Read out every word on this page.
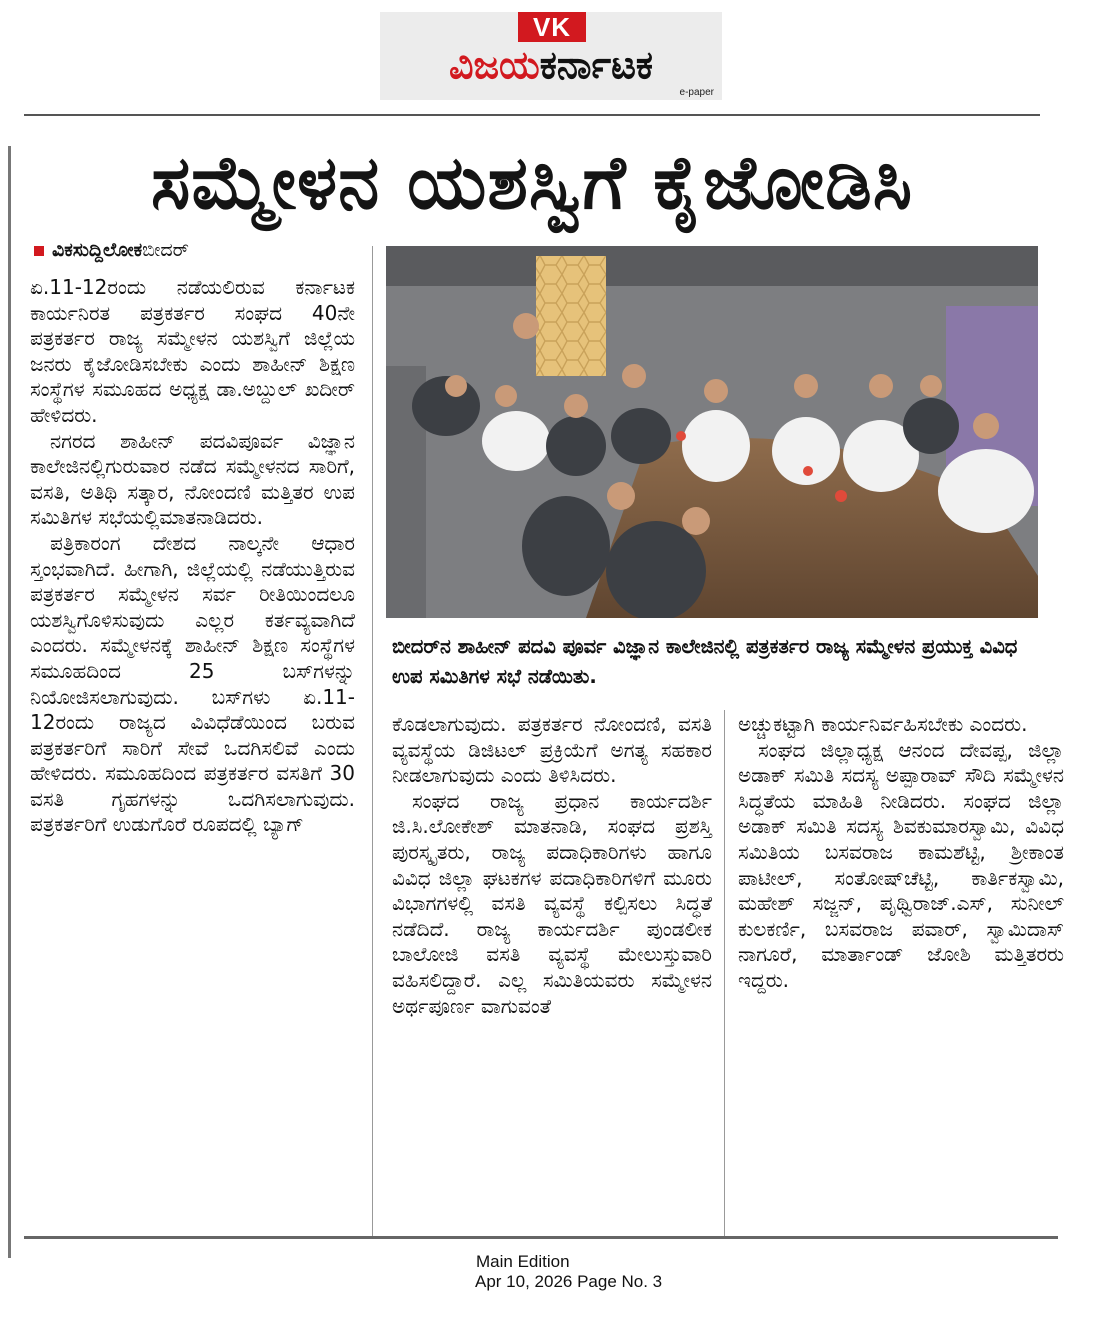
VK
ವಿಜಯಕರ್ನಾಟಕ
e-paper
ಸಮ್ಮೇಳನ ಯಶಸ್ವಿಗೆ ಕೈಜೋಡಿಸಿ
ವಿಕಸುದ್ದಿಲೋಕಬೀದರ್

ಏ.11-12ರಂದು ನಡೆಯಲಿರುವ ಕರ್ನಾಟಕ ಕಾರ್ಯನಿರತ ಪತ್ರಕರ್ತರ ಸಂಘದ 40ನೇ ಪತ್ರಕರ್ತರ ರಾಜ್ಯ ಸಮ್ಮೇಳನ ಯಶಸ್ವಿಗೆ ಜಿಲ್ಲೆಯ ಜನರು ಕೈಜೋಡಿಸಬೇಕು ಎಂದು ಶಾಹೀನ್ ಶಿಕ್ಷಣ ಸಂಸ್ಥೆಗಳ ಸಮೂಹದ ಅಧ್ಯಕ್ಷ ಡಾ.ಅಬ್ದುಲ್ ಖದೀರ್ ಹೇಳಿದರು.

ನಗರದ ಶಾಹೀನ್ ಪದವಿಪೂರ್ವ ವಿಜ್ಞಾನ ಕಾಲೇಜಿನಲ್ಲಿಗುರುವಾರ ನಡೆದ ಸಮ್ಮೇಳನದ ಸಾರಿಗೆ, ವಸತಿ, ಅತಿಥಿ ಸತ್ಕಾರ, ನೋಂದಣಿ ಮತ್ತಿತರ ಉಪ ಸಮಿತಿಗಳ ಸಭೆಯಲ್ಲಿಮಾತನಾಡಿದರು.

ಪತ್ರಿಕಾರಂಗ ದೇಶದ ನಾಲ್ಕನೇ ಆಧಾರ ಸ್ತಂಭವಾಗಿದೆ. ಹೀಗಾಗಿ, ಜಿಲ್ಲೆಯಲ್ಲಿ ನಡೆಯುತ್ತಿರುವ ಪತ್ರಕರ್ತರ ಸಮ್ಮೇಳನ ಸರ್ವ ರೀತಿಯಿಂದಲೂ ಯಶಸ್ವಿಗೊಳಿಸುವುದು ಎಲ್ಲರ ಕರ್ತವ್ಯವಾಗಿದೆ ಎಂದರು. ಸಮ್ಮೇಳನಕ್ಕೆ ಶಾಹೀನ್ ಶಿಕ್ಷಣ ಸಂಸ್ಥೆಗಳ ಸಮೂಹದಿಂದ 25 ಬಸ್‌ಗಳನ್ನು ನಿಯೋಜಿಸಲಾಗುವುದು. ಬಸ್‌ಗಳು ಏ.11-12ರಂದು ರಾಜ್ಯದ ವಿವಿಧೆಡೆಯಿಂದ ಬರುವ ಪತ್ರಕರ್ತರಿಗೆ ಸಾರಿಗೆ ಸೇವೆ ಒದಗಿಸಲಿವೆ ಎಂದು ಹೇಳಿದರು. ಸಮೂಹದಿಂದ ಪತ್ರಕರ್ತರ ವಸತಿಗೆ 30 ವಸತಿ ಗೃಹಗಳನ್ನು ಒದಗಿಸಲಾಗುವುದು. ಪತ್ರಕರ್ತರಿಗೆ ಉಡುಗೊರೆ ರೂಪದಲ್ಲಿ ಬ್ಯಾಗ್

ಬೀದರ್‌ನ ಶಾಹೀನ್ ಪದವಿ ಪೂರ್ವ ವಿಜ್ಞಾನ ಕಾಲೇಜಿನಲ್ಲಿ ಪತ್ರಕರ್ತರ ರಾಜ್ಯ ಸಮ್ಮೇಳನ ಪ್ರಯುಕ್ತ ವಿವಿಧ ಉಪ ಸಮಿತಿಗಳ ಸಭೆ ನಡೆಯಿತು.

ಕೊಡಲಾಗುವುದು. ಪತ್ರಕರ್ತರ ನೋಂದಣಿ, ವಸತಿ ವ್ಯವಸ್ಥೆಯ ಡಿಜಿಟಲ್ ಪ್ರಕ್ರಿಯೆಗೆ ಅಗತ್ಯ ಸಹಕಾರ ನೀಡಲಾಗುವುದು ಎಂದು ತಿಳಿಸಿದರು.

ಸಂಘದ ರಾಜ್ಯ ಪ್ರಧಾನ ಕಾರ್ಯದರ್ಶಿ ಜಿ.ಸಿ.ಲೋಕೇಶ್ ಮಾತನಾಡಿ, ಸಂಘದ ಪ್ರಶಸ್ತಿ ಪುರಸ್ಕೃತರು, ರಾಜ್ಯ ಪದಾಧಿಕಾರಿಗಳು ಹಾಗೂ ವಿವಿಧ ಜಿಲ್ಲಾ ಘಟಕಗಳ ಪದಾಧಿಕಾರಿಗಳಿಗೆ ಮೂರು ವಿಭಾಗಗಳಲ್ಲಿ ವಸತಿ ವ್ಯವಸ್ಥೆ ಕಲ್ಪಿಸಲು ಸಿದ್ಧತೆ ನಡೆದಿದೆ. ರಾಜ್ಯ ಕಾರ್ಯದರ್ಶಿ ಪುಂಡಲೀಕ ಬಾಲೋಜಿ ವಸತಿ ವ್ಯವಸ್ಥೆ ಮೇಲುಸ್ತುವಾರಿ ವಹಿಸಲಿದ್ದಾರೆ. ಎಲ್ಲ ಸಮಿತಿಯವರು ಸಮ್ಮೇಳನ ಅರ್ಥಪೂರ್ಣ ವಾಗುವಂತೆ

ಅಚ್ಚುಕಟ್ಟಾಗಿ ಕಾರ್ಯನಿರ್ವಹಿಸಬೇಕು ಎಂದರು.

ಸಂಘದ ಜಿಲ್ಲಾಧ್ಯಕ್ಷ ಆನಂದ ದೇವಪ್ಪ, ಜಿಲ್ಲಾ ಅಡಾಕ್ ಸಮಿತಿ ಸದಸ್ಯ ಅಪ್ಪಾರಾವ್ ಸೌದಿ ಸಮ್ಮೇಳನ ಸಿದ್ಧತೆಯ ಮಾಹಿತಿ ನೀಡಿದರು. ಸಂಘದ ಜಿಲ್ಲಾ ಅಡಾಕ್ ಸಮಿತಿ ಸದಸ್ಯ ಶಿವಕುಮಾರಸ್ವಾಮಿ, ವಿವಿಧ ಸಮಿತಿಯ ಬಸವರಾಜ ಕಾಮಶೆಟ್ಟಿ, ಶ್ರೀಕಾಂತ ಪಾಟೀಲ್, ಸಂತೋಷ್‌ಚೆಟ್ಟಿ, ಕಾರ್ತಿಕಸ್ವಾಮಿ, ಮಹೇಶ್ ಸಜ್ಜನ್, ಪೃಥ್ವಿರಾಜ್.ಎಸ್, ಸುನೀಲ್ ಕುಲಕರ್ಣಿ, ಬಸವರಾಜ ಪವಾರ್, ಸ್ವಾಮಿದಾಸ್ ನಾಗೂರೆ, ಮಾರ್ತಾಂಡ್ ಜೋಶಿ ಮತ್ತಿತರರು ಇದ್ದರು.

Main Edition
Apr 10, 2026 Page No. 3
